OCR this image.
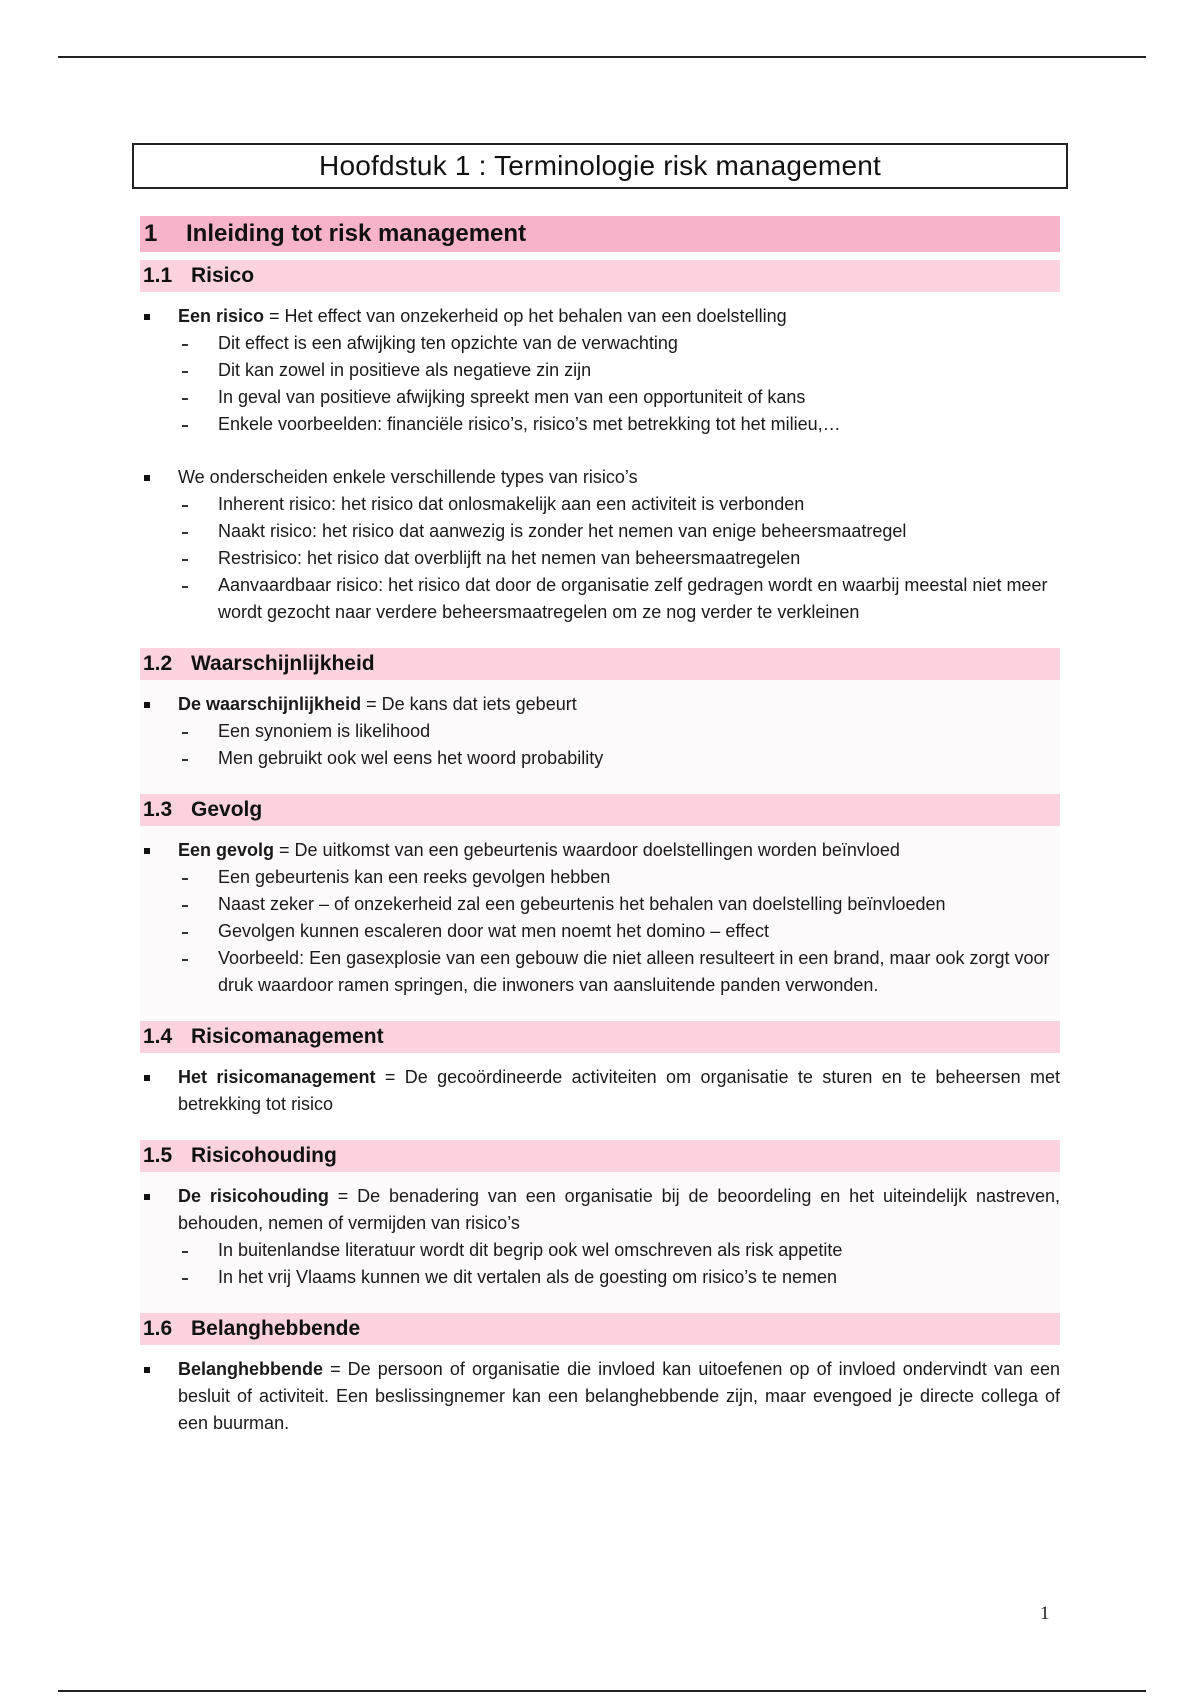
Hoofdstuk 1 : Terminologie risk management
1	Inleiding tot risk management
1.1 Risico
Een risico = Het effect van onzekerheid op het behalen van een doelstelling
Dit effect is een afwijking ten opzichte van de verwachting
Dit kan zowel in positieve als negatieve zin zijn
In geval van positieve afwijking spreekt men van een opportuniteit of kans
Enkele voorbeelden: financiële risico’s, risico’s met betrekking tot het milieu,…
We onderscheiden enkele verschillende types van risico’s
Inherent risico: het risico dat onlosmakelijk aan een activiteit is verbonden
Naakt risico: het risico dat aanwezig is zonder het nemen van enige beheersmaatregel
Restrisico: het risico dat overblijft na het nemen van beheersmaatregelen
Aanvaardbaar risico: het risico dat door de organisatie zelf gedragen wordt en waarbij meestal niet meer wordt gezocht naar verdere beheersmaatregelen om ze nog verder te verkleinen
1.2 Waarschijnlijkheid
De waarschijnlijkheid = De kans dat iets gebeurt
Een synoniem is likelihood
Men gebruikt ook wel eens het woord probability
1.3 Gevolg
Een gevolg = De uitkomst van een gebeurtenis waardoor doelstellingen worden beïnvloed
Een gebeurtenis kan een reeks gevolgen hebben
Naast zeker – of onzekerheid zal een gebeurtenis het behalen van doelstelling beïnvloeden
Gevolgen kunnen escaleren door wat men noemt het domino – effect
Voorbeeld: Een gasexplosie van een gebouw die niet alleen resulteert in een brand, maar ook zorgt voor druk waardoor ramen springen, die inwoners van aansluitende panden verwonden.
1.4 Risicomanagement
Het risicomanagement = De gecoördineerde activiteiten om organisatie te sturen en te beheersen met betrekking tot risico
1.5 Risicohouding
De risicohouding = De benadering van een organisatie bij de beoordeling en het uiteindelijk nastreven, behouden, nemen of vermijden van risico’s
In buitenlandse literatuur wordt dit begrip ook wel omschreven als risk appetite
In het vrij Vlaams kunnen we dit vertalen als de goesting om risico’s te nemen
1.6 Belanghebbende
Belanghebbende = De persoon of organisatie die invloed kan uitoefenen op of invloed ondervindt van een besluit of activiteit. Een beslissingnemer kan een belanghebbende zijn, maar evengoed je directe collega of een buurman.
1
